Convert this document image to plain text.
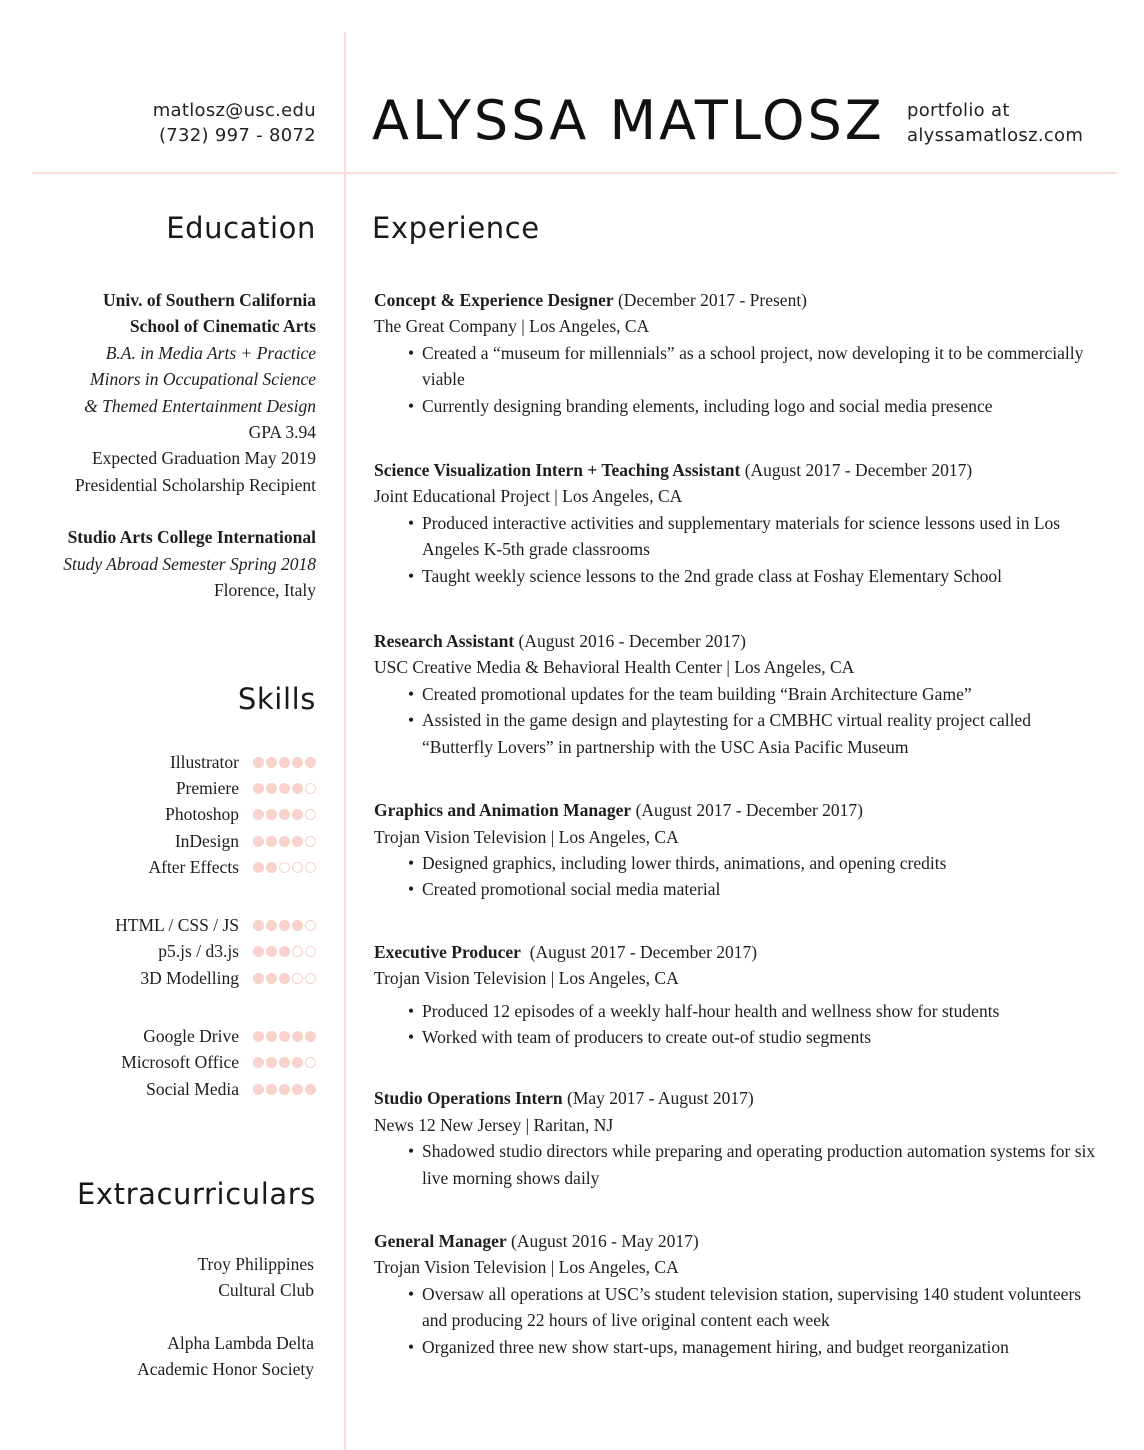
matlosz@usc.edu
(732) 997 - 8072 ALYSSA MATLOSZ portfolio at
alyssamatlosz.com
Education
Univ. of Southern California
School of Cinematic Arts
B.A. in Media Arts + Practice
Minors in Occupational Science
& Themed Entertainment Design
GPA 3.94
Expected Graduation May 2019
Presidential Scholarship Recipient
Studio Arts College International
Study Abroad Semester Spring 2018
Florence, Italy
Skills
Illustrator
Premiere
Photoshop
InDesign
After Effects
HTML / CSS / JS
p5.js / d3.js
3D Modelling
Google Drive
Microsoft Office
Social Media
Extracurriculars
Troy Philippines
Cultural Club
Alpha Lambda Delta
Academic Honor Society
Experience
Concept & Experience Designer (December 2017 - Present)
The Great Company | Los Angeles, CA
• Created a “museum for millennials” as a school project, now developing it to be commercially viable
• Currently designing branding elements, including logo and social media presence
Science Visualization Intern + Teaching Assistant (August 2017 - December 2017)
Joint Educational Project | Los Angeles, CA
• Produced interactive activities and supplementary materials for science lessons used in Los Angeles K-5th grade classrooms
• Taught weekly science lessons to the 2nd grade class at Foshay Elementary School
Research Assistant (August 2016 - December 2017)
USC Creative Media & Behavioral Health Center | Los Angeles, CA
• Created promotional updates for the team building “Brain Architecture Game”
• Assisted in the game design and playtesting for a CMBHC virtual reality project called “Butterfly Lovers” in partnership with the USC Asia Pacific Museum
Graphics and Animation Manager (August 2017 - December 2017)
Trojan Vision Television | Los Angeles, CA
• Designed graphics, including lower thirds, animations, and opening credits
• Created promotional social media material
Executive Producer  (August 2017 - December 2017)
Trojan Vision Television | Los Angeles, CA
• Produced 12 episodes of a weekly half-hour health and wellness show for students
• Worked with team of producers to create out-of studio segments
Studio Operations Intern (May 2017 - August 2017)
News 12 New Jersey | Raritan, NJ
• Shadowed studio directors while preparing and operating production automation systems for six live morning shows daily
General Manager (August 2016 - May 2017)
Trojan Vision Television | Los Angeles, CA
• Oversaw all operations at USC’s student television station, supervising 140 student volunteers and producing 22 hours of live original content each week
• Organized three new show start-ups, management hiring, and budget reorganization
